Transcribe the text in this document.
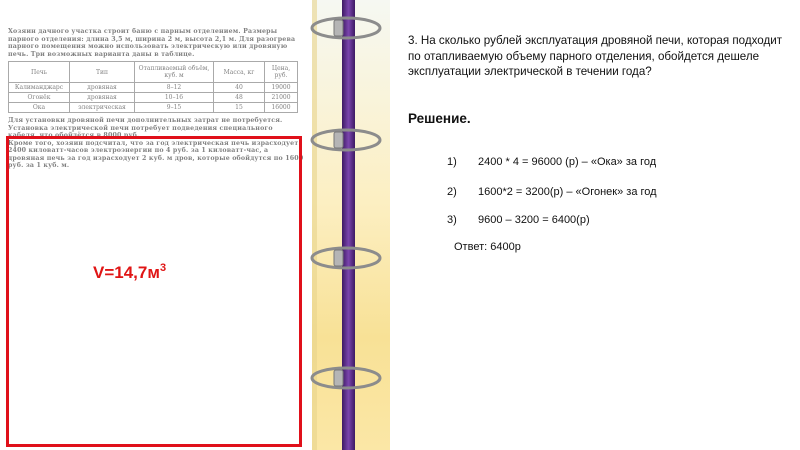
Хозяин дачного участка строит баню с парным отделением. Размеры парного отделения: длина 3,5 м, ширина 2 м, высота 2,1 м. Для разогрева парного помещения можно использовать электрическую или дровяную печь. Три возможных варианта даны в таблице.

Печь	Тип	Отапливаемый объём, куб. м	Масса, кг	Цена, руб.
Калиманджарс	дровяная	8–12	40	19000
Огонёк	дровяная	10–16	48	21000
Ока	электрическая	9–15	15	16000

Для установки дровяной печи дополнительных затрат не потребуется. Установка электрической печи потребует подведения специального кабеля, что обойдётся в 8000 руб.

Кроме того, хозяин подсчитал, что за год электрическая печь израсходует 2400 киловатт-часов электроэнергии по 4 руб. за 1 киловатт-час, а дровяная печь за год израсходует 2 куб. м дров, которые обойдутся по 1600 руб. за 1 куб. м.

$V=14,7м^3$
3. На сколько рублей эксплуатация дровяной печи, которая подходит по отапливаемую объему парного отделения, обойдется дешеле эксплуатации электрической в течении года?
Решение.
1) 2400 * 4 = 96000 (р) – «Ока» за год
2) 1600*2 = 3200(р) – «Огонек» за год
3) 9600 – 3200 = 6400(р)
Ответ: 6400р
